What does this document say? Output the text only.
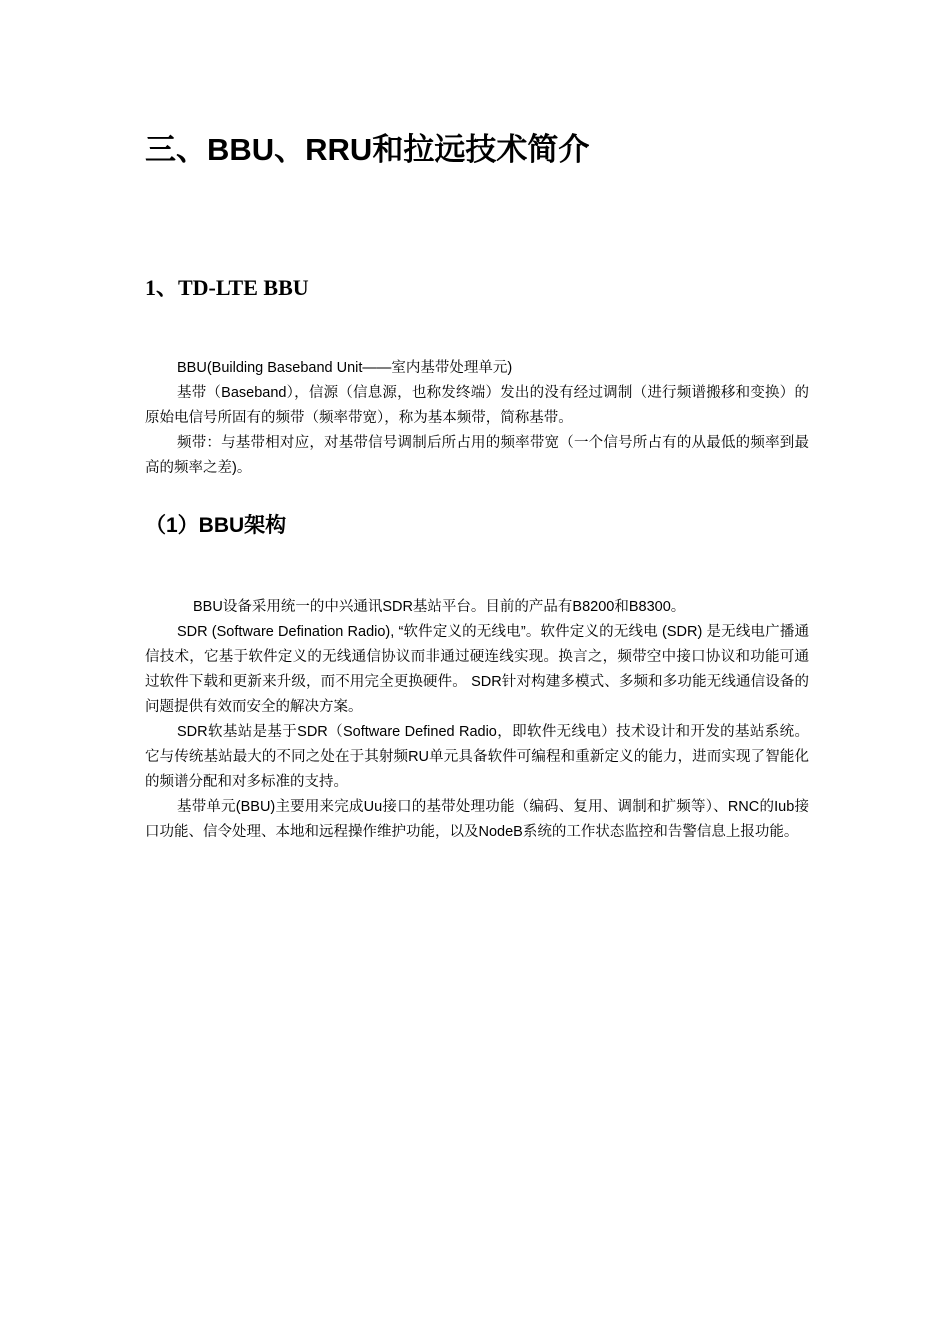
三、BBU、RRU和拉远技术简介
1、TD-LTE BBU

BBU(Building Baseband Unit——室内基带处理单元)

基带（Baseband），信源（信息源，也称发终端）发出的没有经过调制（进行频谱搬移和变换）的原始电信号所固有的频带（频率带宽），称为基本频带，简称基带。

频带：与基带相对应，对基带信号调制后所占用的频率带宽（一个信号所占有的从最低的频率到最高的频率之差)。

（1）BBU架构

BBU设备采用统一的中兴通讯SDR基站平台。目前的产品有B8200和B8300。

SDR (Software Defination Radio), “软件定义的无线电”。软件定义的无线电 (SDR) 是无线电广播通信技术，它基于软件定义的无线通信协议而非通过硬连线实现。换言之，频带空中接口协议和功能可通过软件下载和更新来升级，而不用完全更换硬件。 SDR针对构建多模式、多频和多功能无线通信设备的问题提供有效而安全的解决方案。

SDR软基站是基于SDR（Software Defined Radio，即软件无线电）技术设计和开发的基站系统。它与传统基站最大的不同之处在于其射频RU单元具备软件可编程和重新定义的能力，进而实现了智能化的频谱分配和对多标准的支持。

基带单元(BBU)主要用来完成Uu接口的基带处理功能（编码、复用、调制和扩频等）、RNC的Iub接口功能、信令处理、本地和远程操作维护功能，以及NodeB系统的工作状态监控和告警信息上报功能。
